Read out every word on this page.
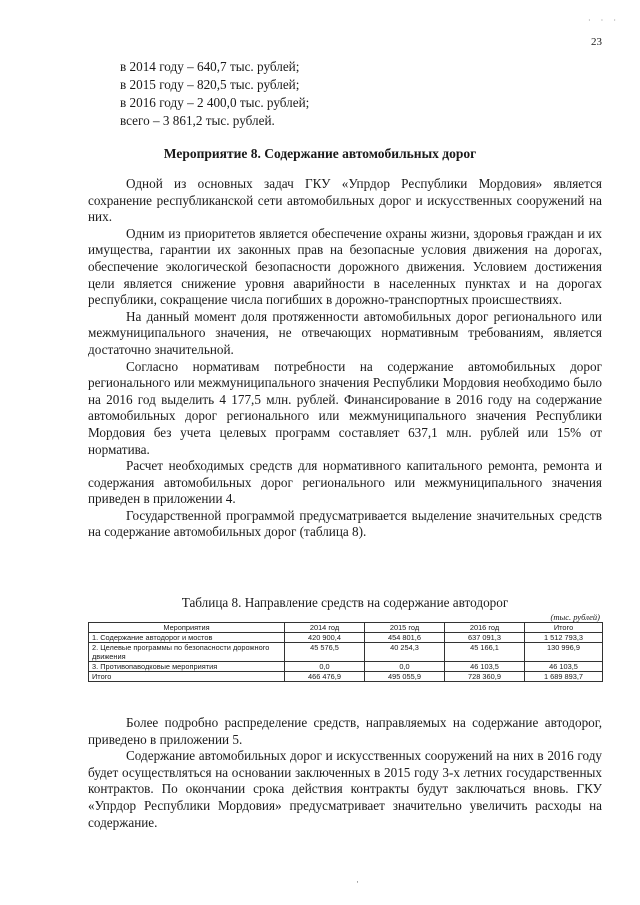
23
в 2014 году – 640,7 тыс. рублей;
в 2015 году – 820,5 тыс. рублей;
в 2016 году – 2 400,0 тыс. рублей;
всего – 3 861,2 тыс. рублей.
Мероприятие 8. Содержание автомобильных дорог

Одной из основных задач ГКУ «Упрдор Республики Мордовия» является сохранение республиканской сети автомобильных дорог и искусственных сооружений на них.

Одним из приоритетов является обеспечение охраны жизни, здоровья граждан и их имущества, гарантии их законных прав на безопасные условия движения на дорогах, обеспечение экологической безопасности дорожного движения. Условием достижения цели является снижение уровня аварийности в населенных пунктах и на дорогах республики, сокращение числа погибших в дорожно-транспортных происшествиях.

На данный момент доля протяженности автомобильных дорог регионального или межмуниципального значения, не отвечающих нормативным требованиям, является достаточно значительной.

Согласно нормативам потребности на содержание автомобильных дорог регионального или межмуниципального значения Республики Мордовия необходимо было на 2016 год выделить 4 177,5 млн. рублей. Финансирование в 2016 году на содержание автомобильных дорог регионального или межмуниципального значения Республики Мордовия без учета целевых программ составляет 637,1 млн. рублей или 15% от норматива.

Расчет необходимых средств для нормативного капитального ремонта, ремонта и содержания автомобильных дорог регионального или межмуниципального значения приведен в приложении 4.

Государственной программой предусматривается выделение значительных средств на содержание автомобильных дорог (таблица 8).

Таблица 8. Направление средств на содержание автодорог
(тыс. рублей)
Мероприятия	2014 год	2015 год	2016 год	Итого
1. Содержание автодорог и мостов	420 900,4	454 801,6	637 091,3	1 512 793,3
2. Целевые программы по безопасности дорожного движения	45 576,5	40 254,3	45 166,1	130 996,9
3. Противопаводковые мероприятия	0,0	0,0	46 103,5	46 103,5
Итого	466 476,9	495 055,9	728 360,9	1 689 893,7

Более подробно распределение средств, направляемых на содержание автодорог, приведено в приложении 5.

Содержание автомобильных дорог и искусственных сооружений на них в 2016 году будет осуществляться на основании заключенных в 2015 году 3-х летних государственных контрактов. По окончании срока действия контракты будут заключаться вновь. ГКУ «Упрдор Республики Мордовия» предусматривает значительно увеличить расходы на содержание.

· · ·
·
